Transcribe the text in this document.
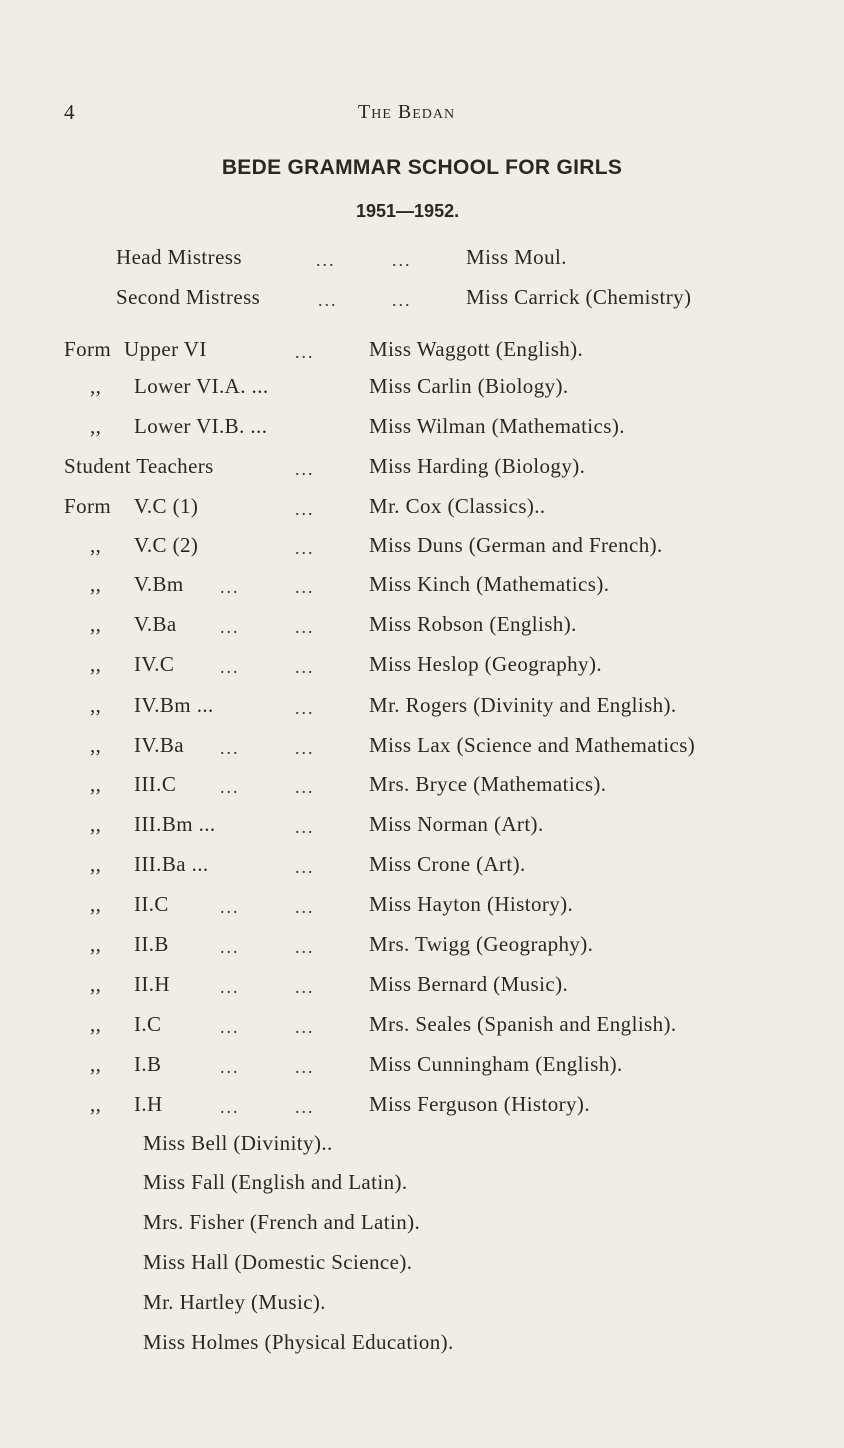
4	The Bedan
BEDE GRAMMAR SCHOOL FOR GIRLS
1951—1952.
Head Mistress	...	...	Miss Moul.
Second Mistress	...	...	Miss Carrick (Chemistry)
Form Upper VI	...	Miss Waggott (English).
,, Lower VI.A. ...	Miss Carlin (Biology).
,, Lower VI.B. ...	Miss Wilman (Mathematics).
Student Teachers	...	Miss Harding (Biology).
Form V.C (1)	...	Mr. Cox (Classics)..
,, V.C (2)	...	Miss Duns (German and French).
,, V.Bm ...	...	Miss Kinch (Mathematics).
,, V.Ba ...	...	Miss Robson (English).
,, IV.C	...	...	Miss Heslop (Geography).
,, IV.Bm ...	...	Mr. Rogers (Divinity and English).
,, IV.Ba ...	...	Miss Lax (Science and Mathematics)
,, III.C ...	...	Mrs. Bryce (Mathematics).
,, III.Bm ...	...	Miss Norman (Art).
,, III.Ba ...	...	Miss Crone (Art).
,, II.C	...	...	Miss Hayton (History).
,, II.B	...	...	Mrs. Twigg (Geography).
,, II.H	...	...	Miss Bernard (Music).
,, I.C	...	...	Mrs. Seales (Spanish and English).
,, I.B	...	...	Miss Cunningham (English).
,, I.H	...	...	Miss Ferguson (History).
Miss Bell (Divinity)..
Miss Fall (English and Latin).
Mrs. Fisher (French and Latin).
Miss Hall (Domestic Science).
Mr. Hartley (Music).
Miss Holmes (Physical Education).
